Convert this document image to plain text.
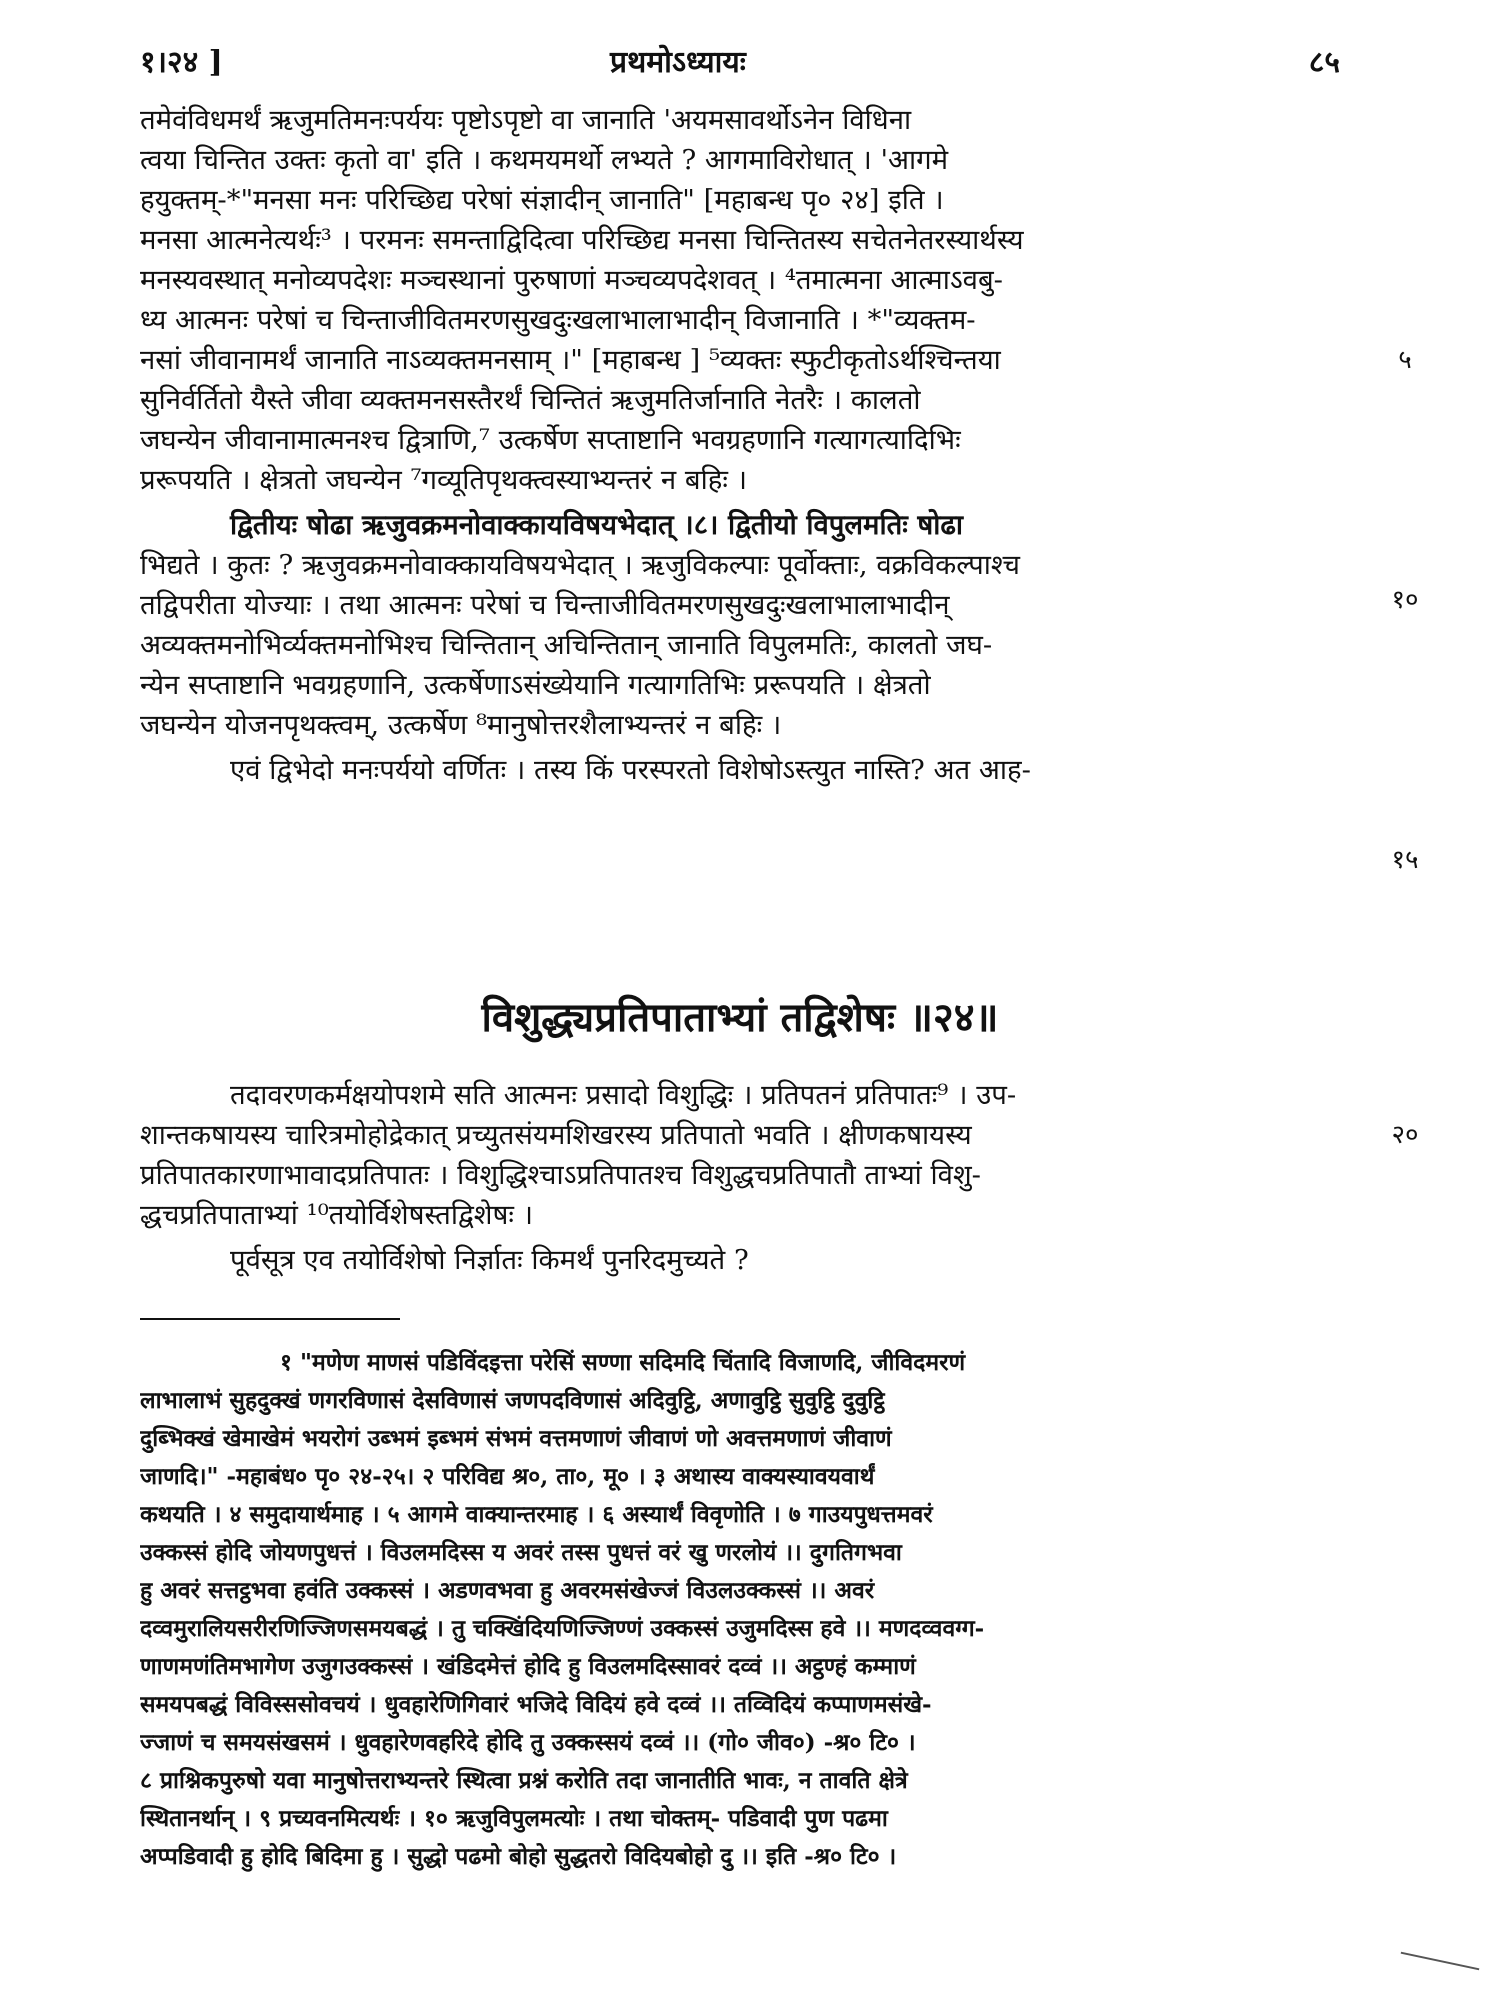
१।२४ ]	प्रथमोऽध्यायः	८५
तमेवंविधमर्थं ऋजुमतिमनःपर्ययः पृष्टोऽपृष्टो वा जानाति 'अयमसावर्थोऽनेन विधिना
त्वया चिन्तित उक्तः कृतो वा' इति । कथमयमर्थो लभ्यते ? आगमाविरोधात् । 'आगमे
हयुक्तम्-*"मनसा मनः परिच्छिद्य परेषां संज्ञादीन् जानाति" [महाबन्ध पृ० २४] इति ।
मनसा आत्मनेत्यर्थः³ । परमनः समन्ताद्विदित्वा परिच्छिद्य मनसा चिन्तितस्य सचेतनेतरस्यार्थस्य
मनस्यवस्थात् मनोव्यपदेशः मञ्चस्थानां पुरुषाणां मञ्चव्यपदेशवत् । ⁴तमात्मना आत्माऽवबु-
ध्य आत्मनः परेषां च चिन्ताजीवितमरणसुखदुःखलाभालाभादीन् विजानाति । *"व्यक्तम-
नसां जीवानामर्थं जानाति नाऽव्यक्तमनसाम् ।" [महाबन्ध ] ⁵व्यक्तः स्फुटीकृतोऽर्थश्चिन्तया
सुनिर्वर्तितो यैस्ते जीवा व्यक्तमनसस्तैरर्थं चिन्तितं ऋजुमतिर्जानाति नेतरैः । कालतो
जघन्येन जीवानामात्मनश्च द्वित्राणि,⁷ उत्कर्षेण सप्ताष्टानि भवग्रहणानि गत्यागत्यादिभिः
प्ररूपयति । क्षेत्रतो जघन्येन ⁷गव्यूतिपृथक्त्वस्याभ्यन्तरं न बहिः ।
द्वितीयः षोढा ऋजुवक्रमनोवाक्कायविषयभेदात् ।८। द्वितीयो विपुलमतिः षोढा
भिद्यते । कुतः ? ऋजुवक्रमनोवाक्कायविषयभेदात् । ऋजुविकल्पाः पूर्वोक्ताः, वक्रविकल्पाश्च
तद्विपरीता योज्याः । तथा आत्मनः परेषां च चिन्ताजीवितमरणसुखदुःखलाभालाभादीन्
अव्यक्तमनोभिर्व्यक्तमनोभिश्च चिन्तितान् अचिन्तितान् जानाति विपुलमतिः, कालतो जघ-
न्येन सप्ताष्टानि भवग्रहणानि, उत्कर्षेणाऽसंख्येयानि गत्यागतिभिः प्ररूपयति । क्षेत्रतो
जघन्येन योजनपृथक्त्वम्, उत्कर्षेण ⁸मानुषोत्तरशैलाभ्यन्तरं न बहिः ।
एवं द्विभेदो मनःपर्ययो वर्णितः । तस्य किं परस्परतो विशेषोऽस्त्युत नास्ति? अत आह-
विशुद्ध्यप्रतिपाताभ्यां तद्विशेषः ॥२४॥
तदावरणकर्मक्षयोपशमे सति आत्मनः प्रसादो विशुद्धिः । प्रतिपतनं प्रतिपातः⁹ । उप-
शान्तकषायस्य चारित्रमोहोद्रेकात् प्रच्युतसंयमशिखरस्य प्रतिपातो भवति । क्षीणकषायस्य
प्रतिपातकारणाभावादप्रतिपातः । विशुद्धिश्चाऽप्रतिपातश्च विशुद्धचप्रतिपातौ ताभ्यां विशु-
द्धचप्रतिपाताभ्यां ¹⁰तयोर्विशेषस्तद्विशेषः ।
पूर्वसूत्र एव तयोर्विशेषो निर्ज्ञातः किमर्थं पुनरिदमुच्यते ?
५
१०
१५
२०
१ "मणेण माणसं पडिविंदइत्ता परेसिं सण्णा सदिमदि चिंतादि विजाणदि, जीविदमरणं
लाभालाभं सुहदुक्खं णगरविणासं देसविणासं जणपदविणासं अदिवुट्ठि, अणावुट्ठि सुवुट्ठि दुवुट्ठि
दुब्भिक्खं खेमाखेमं भयरोगं उब्भमं इब्भमं संभमं वत्तमणाणं जीवाणं णो अवत्तमणाणं जीवाणं
जाणदि।" -महाबंध० पृ० २४-२५। २ परिविद्य श्र०, ता०, मू० । ३ अथास्य वाक्यस्यावयवार्थं
कथयति । ४ समुदायार्थमाह । ५ आगमे वाक्यान्तरमाह । ६ अस्यार्थं विवृणोति । ७ गाउयपुधत्तमवरं
उक्कस्सं होदि जोयणपुधत्तं । विउलमदिस्स य अवरं तस्स पुधत्तं वरं खु णरलोयं ।। दुगतिगभवा
हु अवरं सत्तट्ठभवा हवंति उक्कस्सं । अडणवभवा हु अवरमसंखेज्जं विउलउक्कस्सं ।। अवरं
दव्वमुरालियसरीरणिज्जिणसमयबद्धं । तु चक्खिंदियणिज्जिण्णं उक्कस्सं उजुमदिस्स हवे ।। मणदव्ववग्ग-
णाणमणंतिमभागेण उजुगउक्कस्सं । खंडिदमेत्तं होदि हु विउलमदिस्सावरं दव्वं ।। अट्ठण्हं कम्माणं
समयपबद्धं विविस्ससोवचयं । धुवहारेणिगिवारं भजिदे विदियं हवे दव्वं ।। तव्विदियं कप्पाणमसंखे-
ज्जाणं च समयसंखसमं । धुवहारेणवहरिदे होदि तु उक्कस्सयं दव्वं ।। (गो० जीव०) -श्र० टि० ।
८ प्राश्निकपुरुषो यवा मानुषोत्तराभ्यन्तरे स्थित्वा प्रश्नं करोति तदा जानातीति भावः, न तावति क्षेत्रे
स्थितानर्थान् । ९ प्रच्यवनमित्यर्थः । १० ऋजुविपुलमत्योः । तथा चोक्तम्- पडिवादी पुण पढमा
अप्पडिवादी हु होदि बिदिमा हु । सुद्धो पढमो बोहो सुद्धतरो विदियबोहो दु ।। इति -श्र० टि० ।
